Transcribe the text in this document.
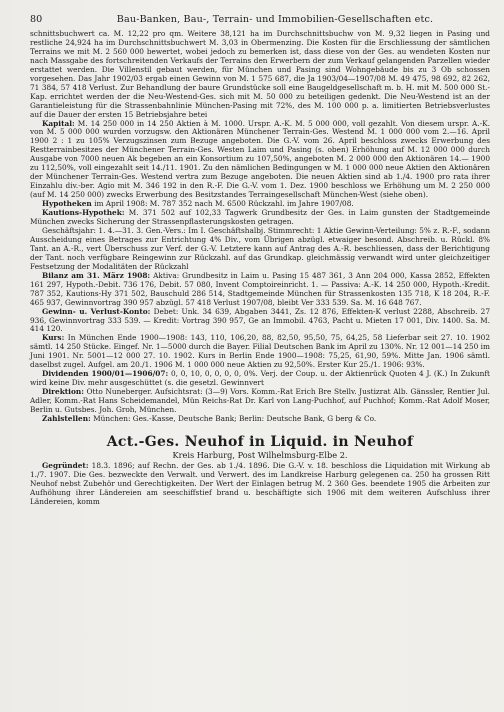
80	Bau-Banken, Bau-, Terrain- und Immobilien-Gesellschaften etc.

schnittsbuchwert ca. M. 12,22 pro qm. Weitere 38,121 ha im Durchschnittsbuchw von M. 9,32 liegen in Pasing und restliche 24,924 ha im Durchschnittsbuchwert M. 3,03 in Obermenzing. Die Kosten für die Erschliessung der sämtlichen Terrains we mit M. 2 560 000 bewertet, wobei jedoch zu bemerken ist, dass diese von der Ges. au wendeten Kosten nur nach Massgabe des fortschreitenden Verkaufs der Terrains den Erwerbern der zum Verkauf gelangenden Parzellen wieder erstattet werden. Die Villenstil gebaut werden, für München und Pasing sind Wohngebäude bis zu 3 Ob schossen vorgesehen. Das Jahr 1902/03 ergab einen Gewinn von M. 1 575 687, die Ja 1903/04—1907/08 M. 49 475, 98 692, 82 262, 71 384, 57 418 Verlust. Zur Behandlung der baure Grundstücke soll eine Baugeldgesellschaft m. b. H. mit M. 500 000 St.-Kap. errichtet werden der die Neu-Westend-Ges. sich mit M. 50 000 zu beteiligen gedenkt. Die Neu-Westend ist an der Garantieleistung für die Strassenbahnlinie München-Pasing mit 72%, des M. 100 000 p. a. limitierten Betriebsverlustes auf die Dauer der ersten 15 Betriebsjahre betei

Kapital: M. 14 250 000 in 14 250 Aktien à M. 1000. Urspr. A.-K. M. 5 000 000, voll gezahlt. Von diesem urspr. A.-K. von M. 5 000 000 wurden vorzugsw. den Aktionären Münchener Terrain-Ges. Westend M. 1 000 000 vom 2.—16. April 1900 2 : 1 zu 105% Verzugszinsen zum Bezuge angeboten. Die G.-V. vom 26. April beschloss zwecks Erwerbung des Restterrainbesitzes der Münchener Terrain-Ges. Westen Laim und Pasing (s. oben) Erhöhung auf M. 12 000 000 durch Ausgabe von 7000 neuen Ak begeben an ein Konsortium zu 107,50%, angeboten M. 2 000 000 den Aktionären 14.— 1900 zu 112,50%, voll eingezahlt seit 14./11. 1901. Zu den nämlichen Bedingungen w M. 1 000 000 neue Aktien den Aktionären der Münchener Terrain-Ges. Westend vertra zum Bezuge angeboten. Die neuen Aktien sind ab 1./4. 1900 pro rata ihrer Einzahlu div.-ber. Agio mit M. 346 192 in den R.-F. Die G.-V. vom 1. Dez. 1900 beschloss we Erhöhung um M. 2 250 000 (auf M. 14 250 000) zwecks Erwerbung des Besitzstandes Terraingesellschaft München-West (siehe oben).

Hypotheken im April 1908: M. 787 352 nach M. 6500 Rückzahl. im Jahre 1907/08.

Kautions-Hypothek: M. 371 502 auf 102,33 Tagwerk Grundbesitz der Ges. in Laim gunsten der Stadtgemeinde München zwecks Sicherung der Strassenpflasterungskosten getragen.

Geschäftsjahr: 1. 4.—31. 3. Gen.-Vers.: Im I. Geschäftshalbj. Stimmrecht: 1 Aktie Gewinn-Verteilung: 5% z. R.-F., sodann Ausscheidung eines Betrages zur Entrichtung 4% Div., vom Übrigen abzügl. etwaiger besond. Abschreib. u. Rückl. 8% Tant. an A.-R., vert Überschuss zur Verf. der G.-V. Letztere kann auf Antrag des A.-R. beschliessen, dass der Berichtigung der Tant. noch verfügbare Reingewinn zur Rückzahl. auf das Grundkap. gleichmässig verwandt wird unter gleichzeitiger Festsetzung der Modalitäten der Rückzahl

Bilanz am 31. März 1908: Aktiva: Grundbesitz in Laim u. Pasing 15 487 361, 3 Ann 204 000, Kassa 2852, Effekten 161 297, Hypoth.-Debit. 736 176, Debit. 57 080, Invent Comptoireinricht. 1. — Passiva: A.-K. 14 250 000, Hypoth.-Kredit. 787 352, Kautions-Hy 371 502, Bauschuld 286 514, Stadtgemeinde München für Strassenkosten 135 718, K 18 204, R.-F. 465 937, Gewinnvortrag 390 957 abzügl. 57 418 Verlust 1907/08, bleibt Ver 333 539. Sa. M. 16 648 767.

Gewinn- u. Verlust-Konto: Debet: Unk. 34 639, Abgaben 3441, Zs. 12 876, Effekten-K verlust 2288, Abschreib. 27 936, Gewinnvortrag 333 539. — Kredit: Vortrag 390 957, Ge an Immobil. 4763, Pacht u. Mieten 17 001, Div. 1400. Sa. M. 414 120.

Kurs: In München Ende 1900—1908: 143, 110, 106,20, 88, 82,50, 95,50, 75, 64,25, 58 Lieferbar seit 27. 10. 1902 sämtl. 14 250 Stücke. Eingef. Nr. 1—5000 durch die Bayer. Filial Deutschen Bank im April zu 130%. Nr. 12 001—14 250 im Juni 1901. Nr. 5001—12 000 27. 10. 1902. Kurs in Berlin Ende 1900—1908: 75,25, 61,90, 59%. Mitte Jan. 1906 sämtl. daselbst zugel. Aufgel. am 20./1. 1906 M. 1 000 000 neue Aktien zu 92,50%. Erster Kur 25./1. 1906: 93%.

Dividenden 1900/01—1906/07: 0, 0, 10, 0, 0, 0, 0, 0%. Verj. der Coup. u. der Aktienrück Quoten 4 J. (K.) In Zukunft wird keine Div. mehr ausgeschüttet (s. die gesetzl. Gewinnvert

Direktion: Otto Nuneberger. Aufsichtsrat: (3—9) Vors. Komm.-Rat Erich Bre Stellv. Justizrat Alb. Gänssler, Rentier Jul. Adler, Komm.-Rat Hans Scheidemandel, Mün Reichs-Rat Dr. Karl von Lang-Puchhof, auf Puchhof; Komm.-Rat Adolf Moser, Berlin u. Gutsbes. Joh. Groh, München.

Zahlstellen: München: Ges.-Kasse, Deutsche Bank; Berlin: Deutsche Bank, G berg & Co.

Act.-Ges. Neuhof in Liquid. in Neuhof
Kreis Harburg, Post Wilhelmsburg-Elbe 2.

Gegründet: 18.3. 1896; auf Rechn. der Ges. ab 1./4. 1896. Die G.-V. v. 18. beschloss die Liquidation mit Wirkung ab 1./7. 1907. Die Ges. bezweckte den Verwalt. und Verwert. des im Landkreise Harburg gelegenen ca. 250 ha grossen Ritt Neuhof nebst Zubehör und Gerechtigkeiten. Der Wert der Einlagen betrug M. 2 360 Ges. beendete 1905 die Arbeiten zur Aufhöhung ihrer Ländereien am seeschiffstief brand u. beschäftigte sich 1906 mit dem weiteren Aufschluss ihrer Ländereien, komm
